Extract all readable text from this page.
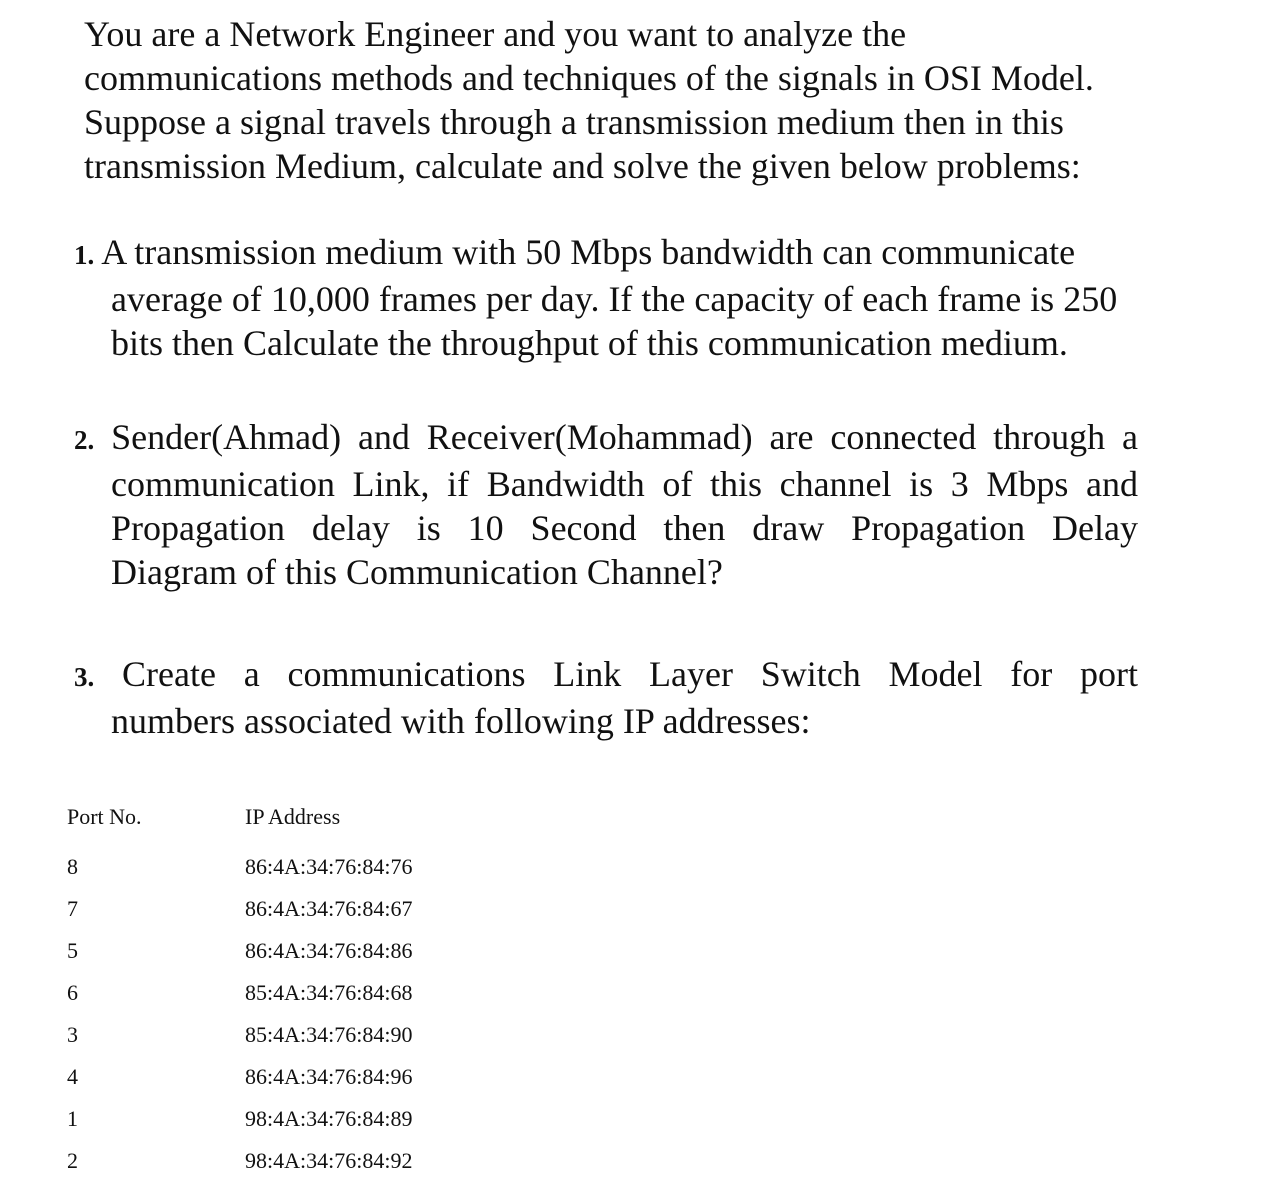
You are a Network Engineer and you want to analyze the
communications methods and techniques of the signals in OSI Model.
Suppose a signal travels through a transmission medium then in this
transmission Medium, calculate and solve the given below problems:
1. A transmission medium with 50 Mbps bandwidth can communicate
average of 10,000 frames per day. If the capacity of each frame is 250
bits then Calculate the throughput of this communication medium.
2. Sender(Ahmad) and Receiver(Mohammad) are connected through a
communication Link, if Bandwidth of this channel is 3 Mbps and
Propagation delay is 10 Second then draw Propagation Delay
Diagram of this Communication Channel?
3. Create a communications Link Layer Switch Model for port
numbers associated with following IP addresses:
Port No.	IP Address
8	86:4A:34:76:84:76
7	86:4A:34:76:84:67
5	86:4A:34:76:84:86
6	85:4A:34:76:84:68
3	85:4A:34:76:84:90
4	86:4A:34:76:84:96
1	98:4A:34:76:84:89
2	98:4A:34:76:84:92
